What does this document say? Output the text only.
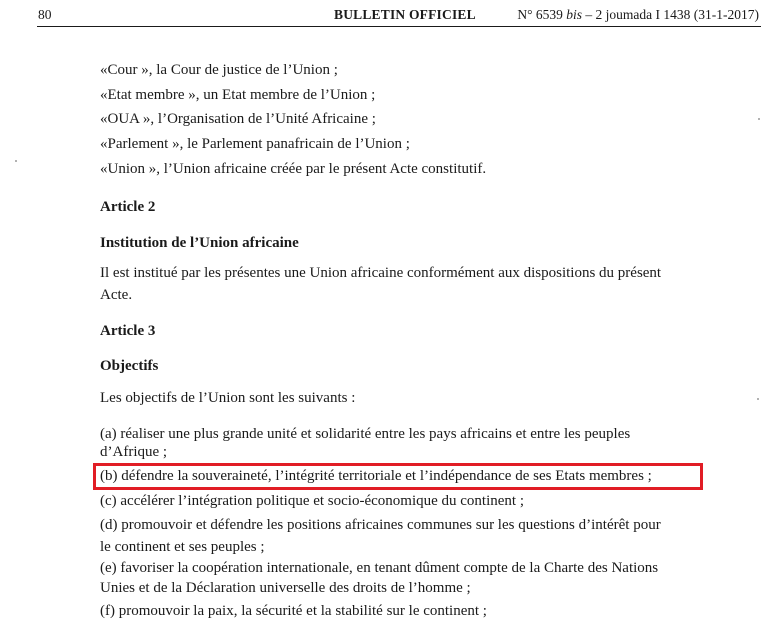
80	BULLETIN OFFICIEL	N° 6539 bis – 2 joumada I 1438 (31-1-2017)
«Cour », la Cour de justice de l’Union ;
«Etat membre », un Etat membre de l’Union ;
«OUA », l’Organisation de l’Unité Africaine ;
«Parlement », le Parlement panafricain de l’Union ;
«Union », l’Union africaine créée par le présent Acte constitutif.
Article 2
Institution de l’Union africaine
Il est institué par les présentes une Union africaine conformément aux dispositions du présent
Acte.
Article 3
Objectifs
Les objectifs de l’Union sont les suivants :
(a) réaliser une plus grande unité et solidarité entre les pays africains et entre les peuples
d’Afrique ;
(b) défendre la souveraineté, l’intégrité territoriale et l’indépendance de ses Etats membres ;
(c) accélérer l’intégration politique et socio-économique du continent ;
(d) promouvoir et défendre les positions africaines communes sur les questions d’intérêt pour
le continent et ses peuples ;
(e) favoriser la coopération internationale, en tenant dûment compte de la Charte des Nations
Unies et de la Déclaration universelle des droits de l’homme ;
(f) promouvoir la paix, la sécurité et la stabilité sur le continent ;
